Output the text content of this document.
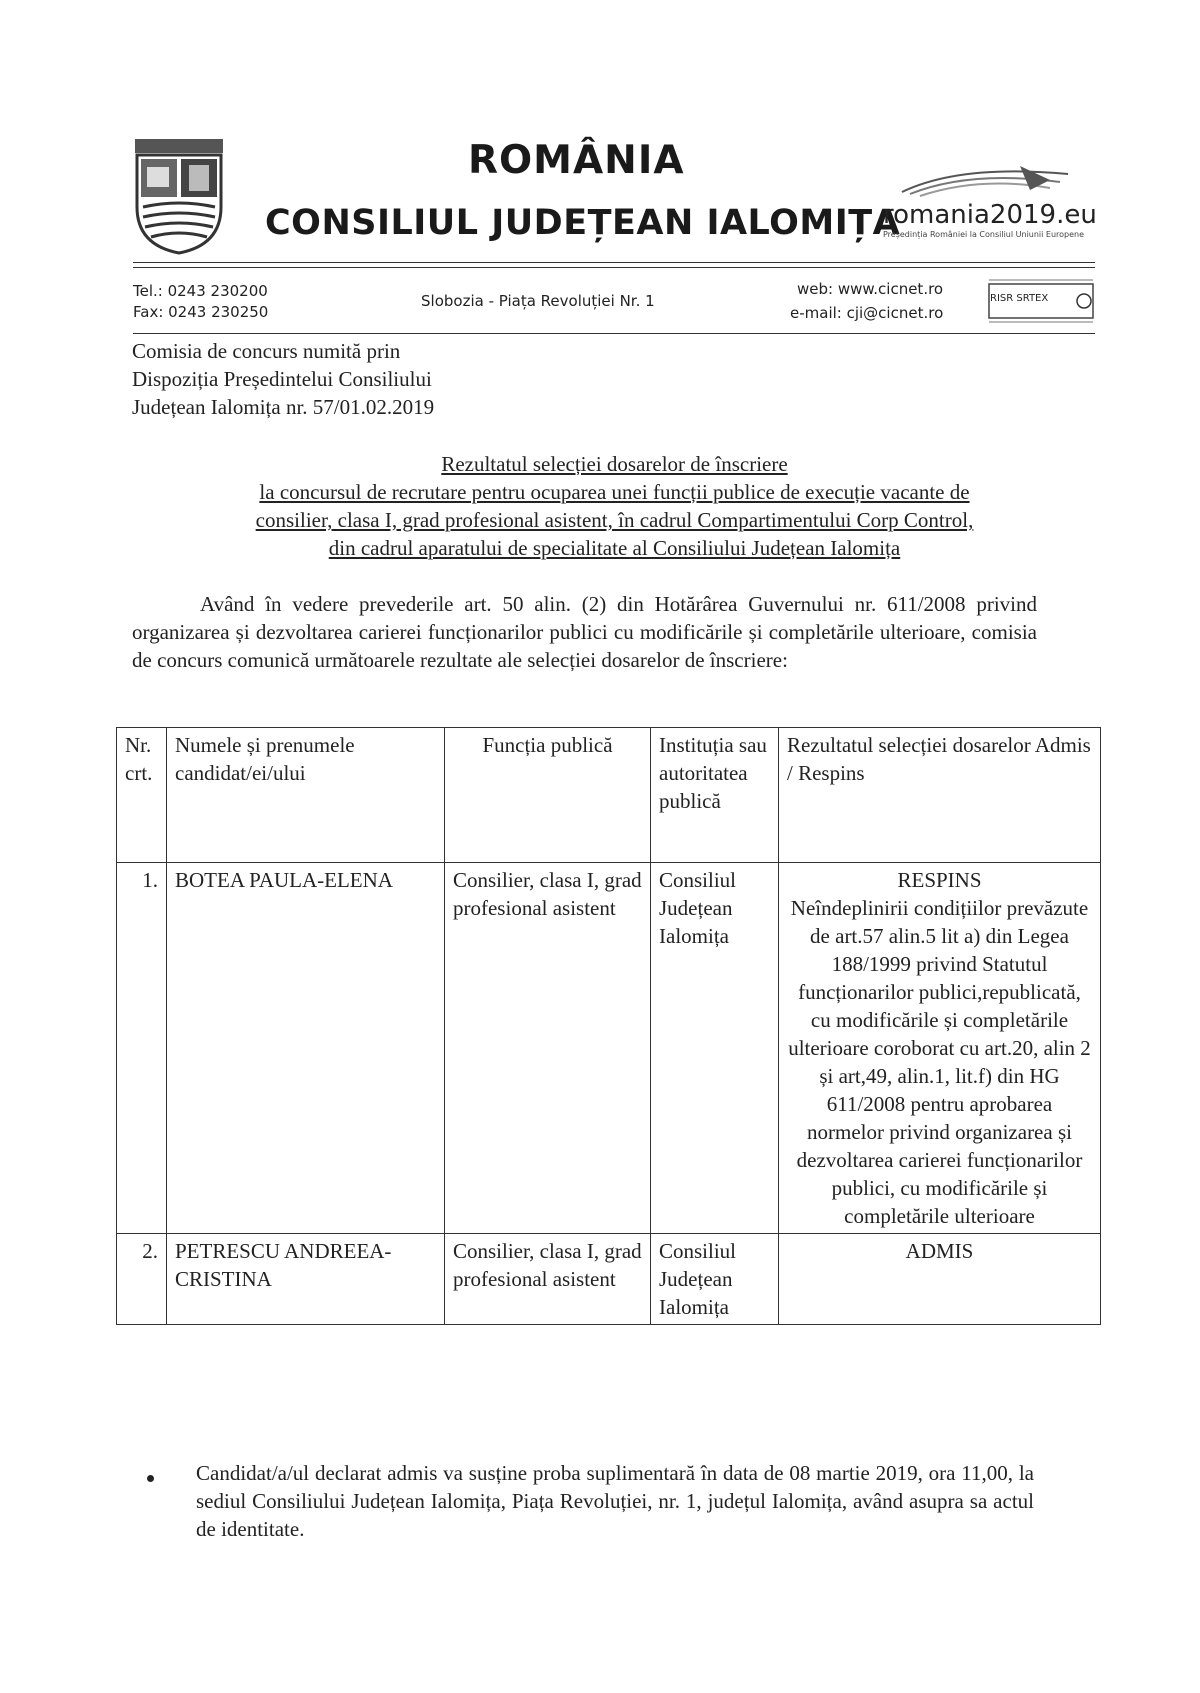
ROMÂNIA
CONSILIUL JUDEȚEAN IALOMIȚA
romania2019.eu
Președinția României la Consiliul Uniunii Europene
Tel.: 0243 230200
Fax: 0243 230250
Slobozia - Piața Revoluției Nr. 1
web: www.cicnet.ro
e-mail: cji@cicnet.ro
RISR SRTEX
Comisia de concurs numită prin
Dispoziția Președintelui Consiliului
Județean Ialomița nr. 57/01.02.2019
Rezultatul selecției dosarelor de înscriere
la concursul de recrutare pentru ocuparea unei funcții publice de execuție vacante de
consilier, clasa I, grad profesional asistent, în cadrul Compartimentului Corp Control,
din cadrul aparatului de specialitate al Consiliului Județean Ialomița
Având în vedere prevederile art. 50 alin. (2) din Hotărârea Guvernului nr. 611/2008 privind organizarea și dezvoltarea carierei funcționarilor publici cu modificările și completările ulterioare, comisia de concurs comunică următoarele rezultate ale selecției dosarelor de înscriere:
Nr. crt.	Numele și prenumele candidat/ei/ului	Funcția publică	Instituția sau autoritatea publică	Rezultatul selecției dosarelor Admis / Respins
1.	BOTEA PAULA-ELENA	Consilier, clasa I, grad profesional asistent	Consiliul Județean Ialomița	RESPINS
Neîndeplinirii condițiilor prevăzute de art.57 alin.5 lit a) din Legea 188/1999 privind Statutul funcționarilor publici,republicată, cu modificările și completările ulterioare coroborat cu art.20, alin 2 și art,49, alin.1, lit.f) din HG 611/2008 pentru aprobarea normelor privind organizarea și dezvoltarea carierei funcționarilor publici, cu modificările și completările ulterioare

2.	PETRESCU ANDREEA-CRISTINA	Consilier, clasa I, grad profesional asistent	Consiliul Județean Ialomița	ADMIS
Candidat/a/ul declarat admis va susține proba suplimentară în data de 08 martie 2019, ora 11,00, la sediul Consiliului Județean Ialomița, Piața Revoluției, nr. 1, județul Ialomița, având asupra sa actul de identitate.
